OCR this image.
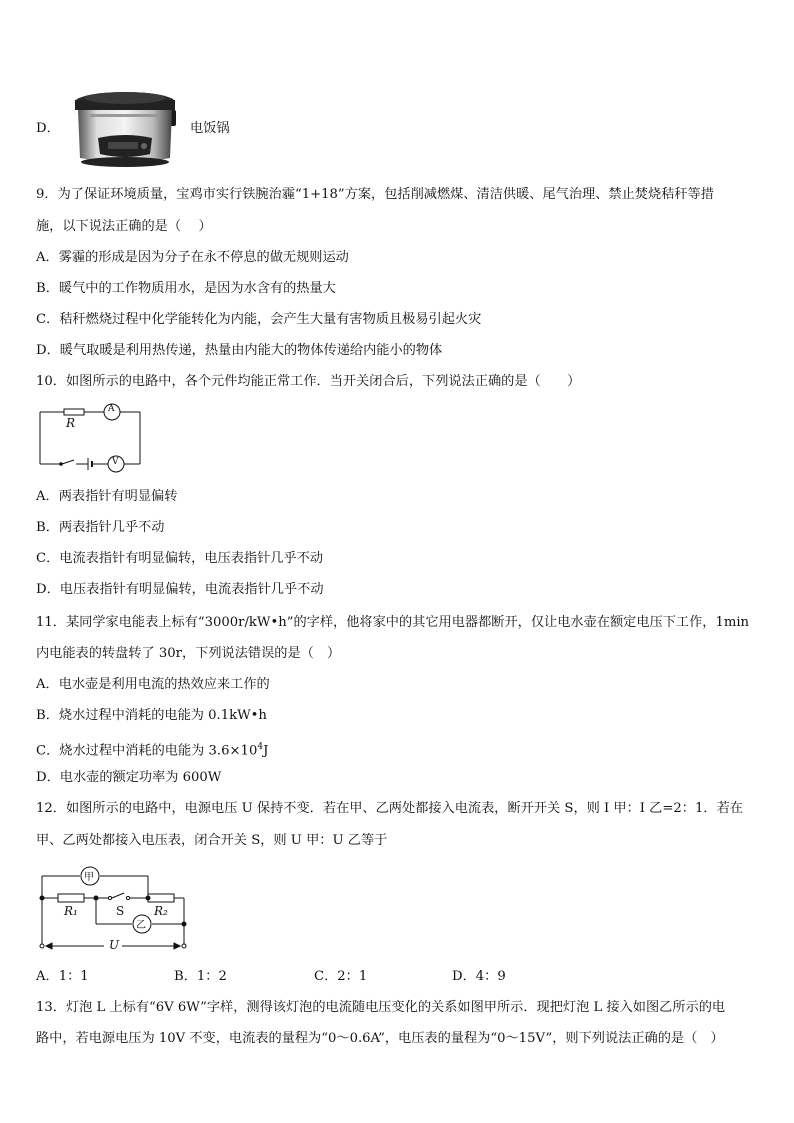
D．	电饭锅
9．为了保证环境质量，宝鸡市实行铁腕治霾“1+18”方案，包括削减燃煤、清洁供暖、尾气治理、禁止焚烧秸秆等措
施，以下说法正确的是（　 ）
A．雾霾的形成是因为分子在永不停息的做无规则运动
B．暖气中的工作物质用水，是因为水含有的热量大
C．秸秆燃烧过程中化学能转化为内能，会产生大量有害物质且极易引起火灾
D．暖气取暖是利用热传递，热量由内能大的物体传递给内能小的物体
10．如图所示的电路中，各个元件均能正常工作．当开关闭合后，下列说法正确的是（　　）
R
A
V
A．两表指针有明显偏转
B．两表指针几乎不动
C．电流表指针有明显偏转，电压表指针几乎不动
D．电压表指针有明显偏转，电流表指针几乎不动
11．某同学家电能表上标有“3000r/kW•h”的字样，他将家中的其它用电器都断开，仅让电水壶在额定电压下工作，1min
内电能表的转盘转了 30r，下列说法错误的是（　）
A．电水壶是利用电流的热效应来工作的
B．烧水过程中消耗的电能为 0.1kW•h
C．烧水过程中消耗的电能为 $3.6\times 10^4J$
D．电水壶的额定功率为 600W
12．如图所示的电路中，电源电压 U 保持不变．若在甲、乙两处都接入电流表，断开开关 S，则 I 甲：I 乙=2：1．若在
甲、乙两处都接入电压表，闭合开关 S，则 U 甲：U 乙等于
甲
乙
R₁	R₂
S
U
A．1：1	B．1：2	C．2：1	D．4：9
13．灯泡 L 上标有“6V 6W”字样，测得该灯泡的电流随电压变化的关系如图甲所示．现把灯泡 L 接入如图乙所示的电
路中，若电源电压为 10V 不变，电流表的量程为“0～0.6A”，电压表的量程为“0～15V”，则下列说法正确的是（　）
